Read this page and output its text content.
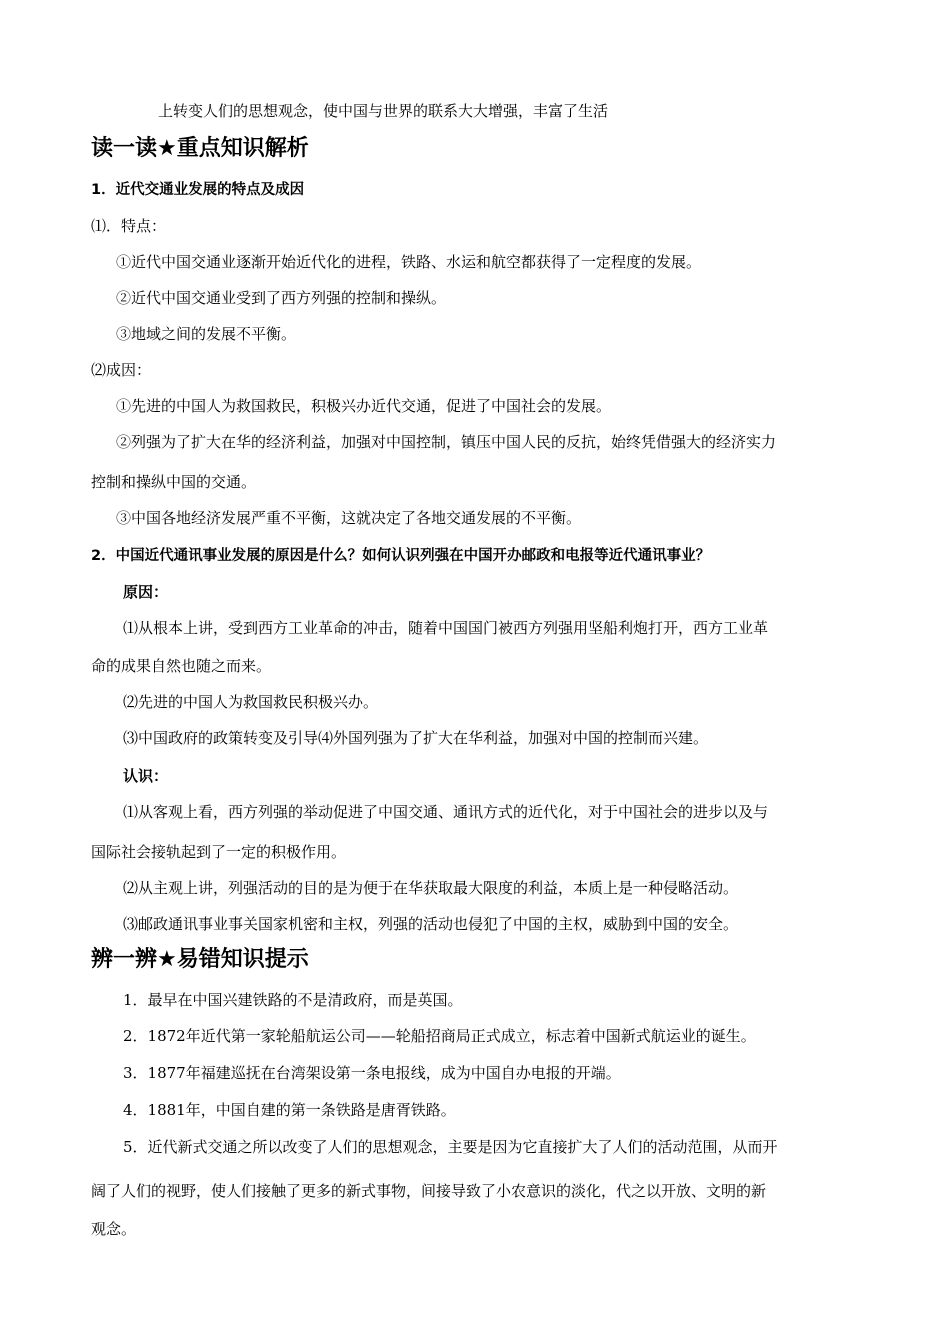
上转变人们的思想观念，使中国与世界的联系大大增强，丰富了生活
读一读★重点知识解析
1．近代交通业发展的特点及成因
⑴．特点：
①近代中国交通业逐渐开始近代化的进程，铁路、水运和航空都获得了一定程度的发展。
②近代中国交通业受到了西方列强的控制和操纵。
③地域之间的发展不平衡。
⑵成因：
①先进的中国人为救国救民，积极兴办近代交通，促进了中国社会的发展。
②列强为了扩大在华的经济利益，加强对中国控制，镇压中国人民的反抗，始终凭借强大的经济实力
控制和操纵中国的交通。
③中国各地经济发展严重不平衡，这就决定了各地交通发展的不平衡。
2．中国近代通讯事业发展的原因是什么？如何认识列强在中国开办邮政和电报等近代通讯事业？
原因：
⑴从根本上讲，受到西方工业革命的冲击，随着中国国门被西方列强用坚船利炮打开，西方工业革
命的成果自然也随之而来。
⑵先进的中国人为救国救民积极兴办。
⑶中国政府的政策转变及引导⑷外国列强为了扩大在华利益，加强对中国的控制而兴建。
认识：
⑴从客观上看，西方列强的举动促进了中国交通、通讯方式的近代化，对于中国社会的进步以及与
国际社会接轨起到了一定的积极作用。
⑵从主观上讲，列强活动的目的是为便于在华获取最大限度的利益，本质上是一种侵略活动。
⑶邮政通讯事业事关国家机密和主权，列强的活动也侵犯了中国的主权，威胁到中国的安全。
辨一辨★易错知识提示
1．最早在中国兴建铁路的不是清政府，而是英国。
2．1872年近代第一家轮船航运公司——轮船招商局正式成立，标志着中国新式航运业的诞生。
3．1877年福建巡抚在台湾架设第一条电报线，成为中国自办电报的开端。
4．1881年，中国自建的第一条铁路是唐胥铁路。
5．近代新式交通之所以改变了人们的思想观念，主要是因为它直接扩大了人们的活动范围，从而开
阔了人们的视野，使人们接触了更多的新式事物，间接导致了小农意识的淡化，代之以开放、文明的新
观念。
